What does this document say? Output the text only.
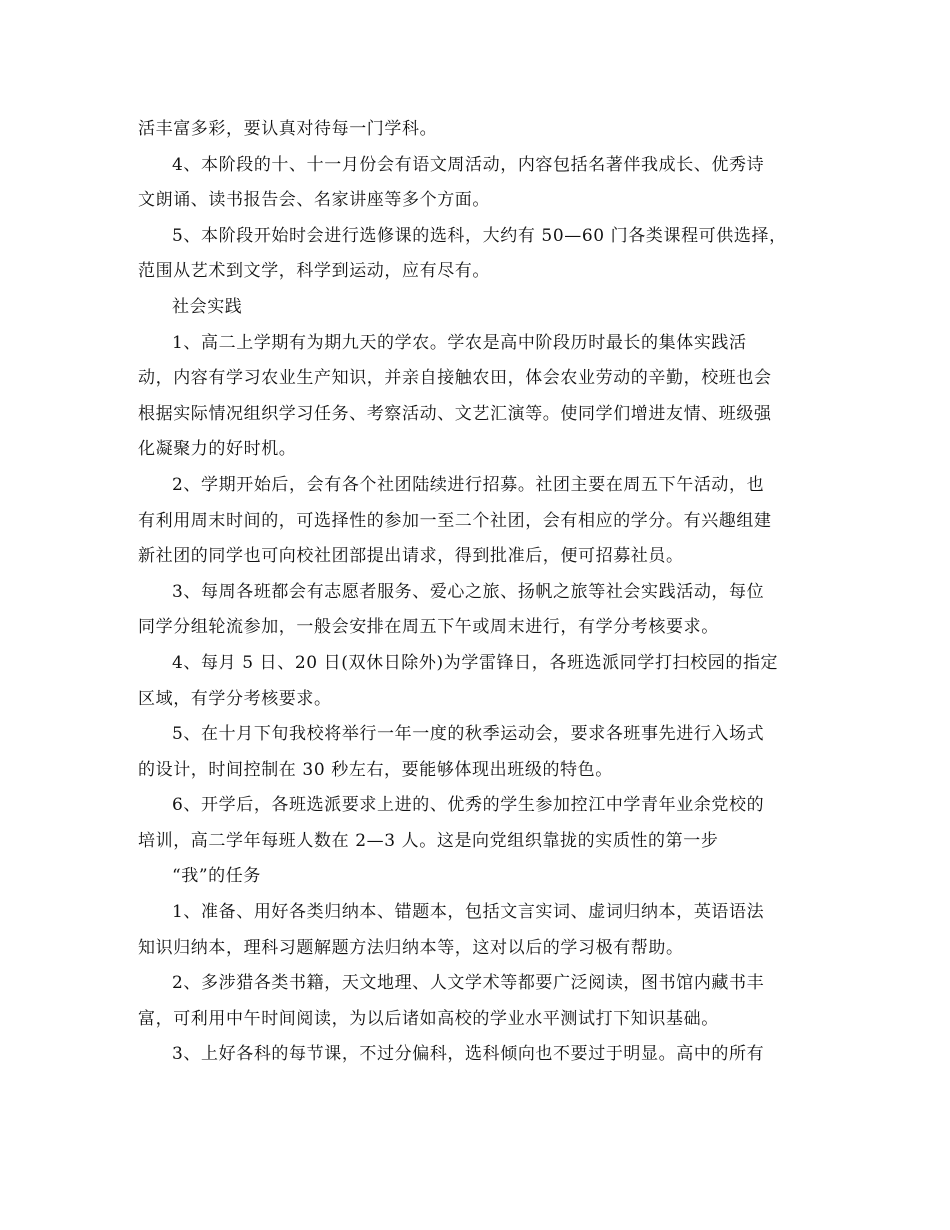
活丰富多彩，要认真对待每一门学科。
4、本阶段的十、十一月份会有语文周活动，内容包括名著伴我成长、优秀诗
文朗诵、读书报告会、名家讲座等多个方面。
5、本阶段开始时会进行选修课的选科，大约有 50—60 门各类课程可供选择，
范围从艺术到文学，科学到运动，应有尽有。
社会实践
1、高二上学期有为期九天的学农。学农是高中阶段历时最长的集体实践活
动，内容有学习农业生产知识，并亲自接触农田，体会农业劳动的辛勤，校班也会
根据实际情况组织学习任务、考察活动、文艺汇演等。使同学们增进友情、班级强
化凝聚力的好时机。
2、学期开始后，会有各个社团陆续进行招募。社团主要在周五下午活动，也
有利用周末时间的，可选择性的参加一至二个社团，会有相应的学分。有兴趣组建
新社团的同学也可向校社团部提出请求，得到批准后，便可招募社员。
3、每周各班都会有志愿者服务、爱心之旅、扬帆之旅等社会实践活动，每位
同学分组轮流参加，一般会安排在周五下午或周末进行，有学分考核要求。
4、每月 5 日、20 日(双休日除外)为学雷锋日，各班选派同学打扫校园的指定
区域，有学分考核要求。
5、在十月下旬我校将举行一年一度的秋季运动会，要求各班事先进行入场式
的设计，时间控制在 30 秒左右，要能够体现出班级的特色。
6、开学后，各班选派要求上进的、优秀的学生参加控江中学青年业余党校的
培训，高二学年每班人数在 2—3 人。这是向党组织靠拢的实质性的第一步
“我”的任务
1、准备、用好各类归纳本、错题本，包括文言实词、虚词归纳本，英语语法
知识归纳本，理科习题解题方法归纳本等，这对以后的学习极有帮助。
2、多涉猎各类书籍，天文地理、人文学术等都要广泛阅读，图书馆内藏书丰
富，可利用中午时间阅读，为以后诸如高校的学业水平测试打下知识基础。
3、上好各科的每节课，不过分偏科，选科倾向也不要过于明显。高中的所有
